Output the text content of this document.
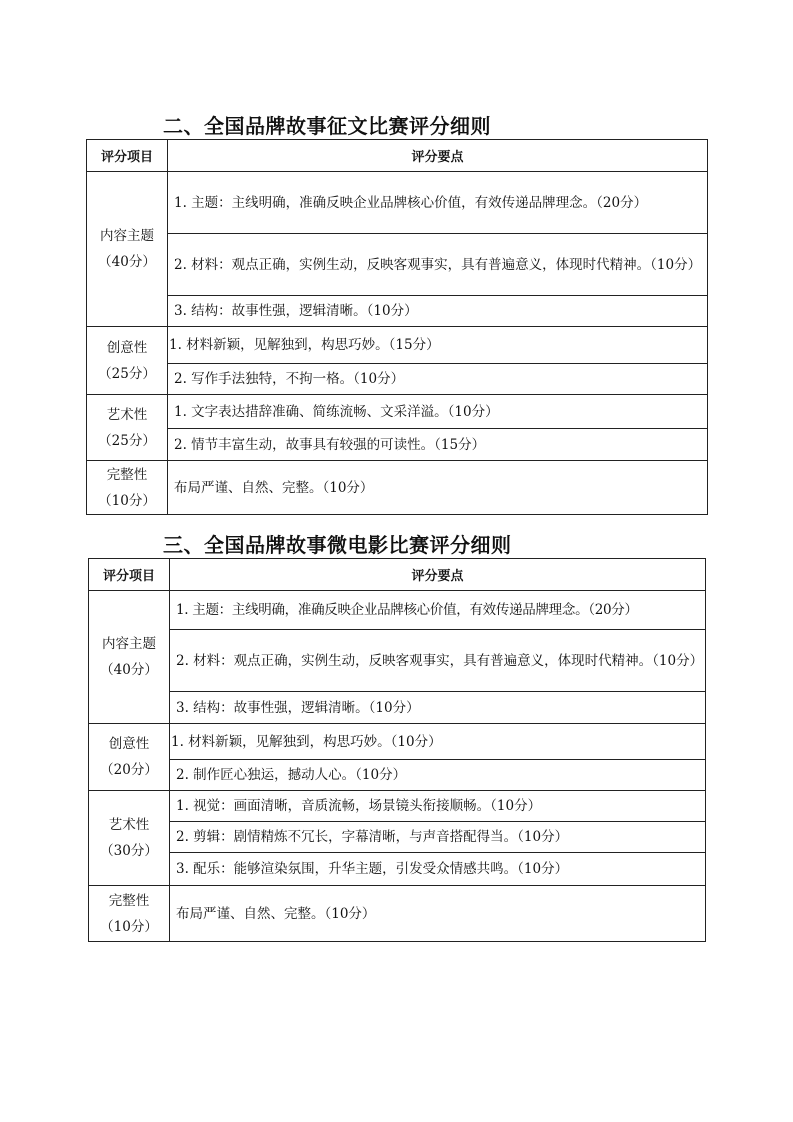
二、全国品牌故事征文比赛评分细则
评分项目	评分要点

内容主题
（40分）	1. 主题：主线明确，准确反映企业品牌核心价值，有效传递品牌理念。（20分）
	2. 材料：观点正确，实例生动，反映客观事实，具有普遍意义，体现时代精神。（10分）
	3. 结构：故事性强，逻辑清晰。（10分）

创意性
（25分）	1. 材料新颖，见解独到，构思巧妙。（15分）
	2. 写作手法独特，不拘一格。（10分）

艺术性
（25分）	1. 文字表达措辞准确、简练流畅、文采洋溢。（10分）
	2. 情节丰富生动，故事具有较强的可读性。（15分）

完整性
（10分）	布局严谨、自然、完整。（10分）
三、全国品牌故事微电影比赛评分细则
评分项目	评分要点

内容主题
（40分）	1. 主题：主线明确，准确反映企业品牌核心价值，有效传递品牌理念。（20分）
	2. 材料：观点正确，实例生动，反映客观事实，具有普遍意义，体现时代精神。（10分）
	3. 结构：故事性强，逻辑清晰。（10分）

创意性
（20分）	1. 材料新颖，见解独到，构思巧妙。（10分）
	2. 制作匠心独运，撼动人心。（10分）

艺术性
（30分）	1. 视觉：画面清晰，音质流畅，场景镜头衔接顺畅。（10分）
	2. 剪辑：剧情精炼不冗长，字幕清晰，与声音搭配得当。（10分）
	3. 配乐：能够渲染氛围，升华主题，引发受众情感共鸣。（10分）

完整性
（10分）	布局严谨、自然、完整。（10分）
